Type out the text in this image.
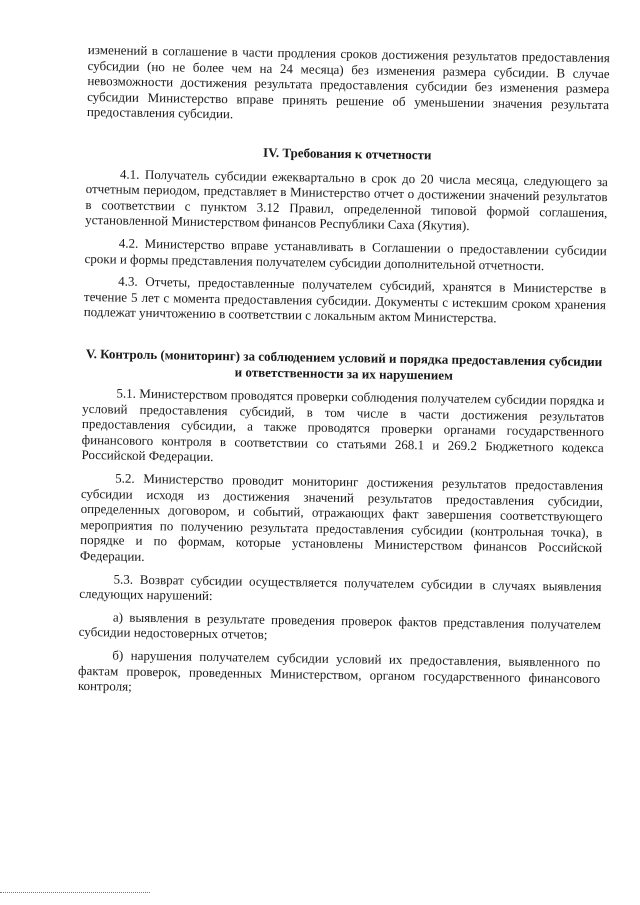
изменений в соглашение в части продления сроков достижения результатов предоставления субсидии (но не более чем на 24 месяца) без изменения размера субсидии. В случае невозможности достижения результата предоставления субсидии без изменения размера субсидии Министерство вправе принять решение об уменьшении значения результата предоставления субсидии.

IV. Требования к отчетности

4.1. Получатель субсидии ежеквартально в срок до 20 числа месяца, следующего за отчетным периодом, представляет в Министерство отчет о достижении значений результатов в соответствии с пунктом 3.12 Правил, определенной типовой формой соглашения, установленной Министерством финансов Республики Саха (Якутия).

4.2. Министерство вправе устанавливать в Соглашении о предоставлении субсидии сроки и формы представления получателем субсидии дополнительной отчетности.

4.3. Отчеты, предоставленные получателем субсидий, хранятся в Министерстве в течение 5 лет с момента предоставления субсидии. Документы с истекшим сроком хранения подлежат уничтожению в соответствии с локальным актом Министерства.

V. Контроль (мониторинг) за соблюдением условий и порядка предоставления субсидии и ответственности за их нарушением

5.1. Министерством проводятся проверки соблюдения получателем субсидии порядка и условий предоставления субсидий, в том числе в части достижения результатов предоставления субсидии, а также проводятся проверки органами государственного финансового контроля в соответствии со статьями 268.1 и 269.2 Бюджетного кодекса Российской Федерации.

5.2. Министерство проводит мониторинг достижения результатов предоставления субсидии исходя из достижения значений результатов предоставления субсидии, определенных договором, и событий, отражающих факт завершения соответствующего мероприятия по получению результата предоставления субсидии (контрольная точка), в порядке и по формам, которые установлены Министерством финансов Российской Федерации.

5.3. Возврат субсидии осуществляется получателем субсидии в случаях выявления следующих нарушений:

а) выявления в результате проведения проверок фактов представления получателем субсидии недостоверных отчетов;

б) нарушения получателем субсидии условий их предоставления, выявленного по фактам проверок, проведенных Министерством, органом государственного финансового контроля;
